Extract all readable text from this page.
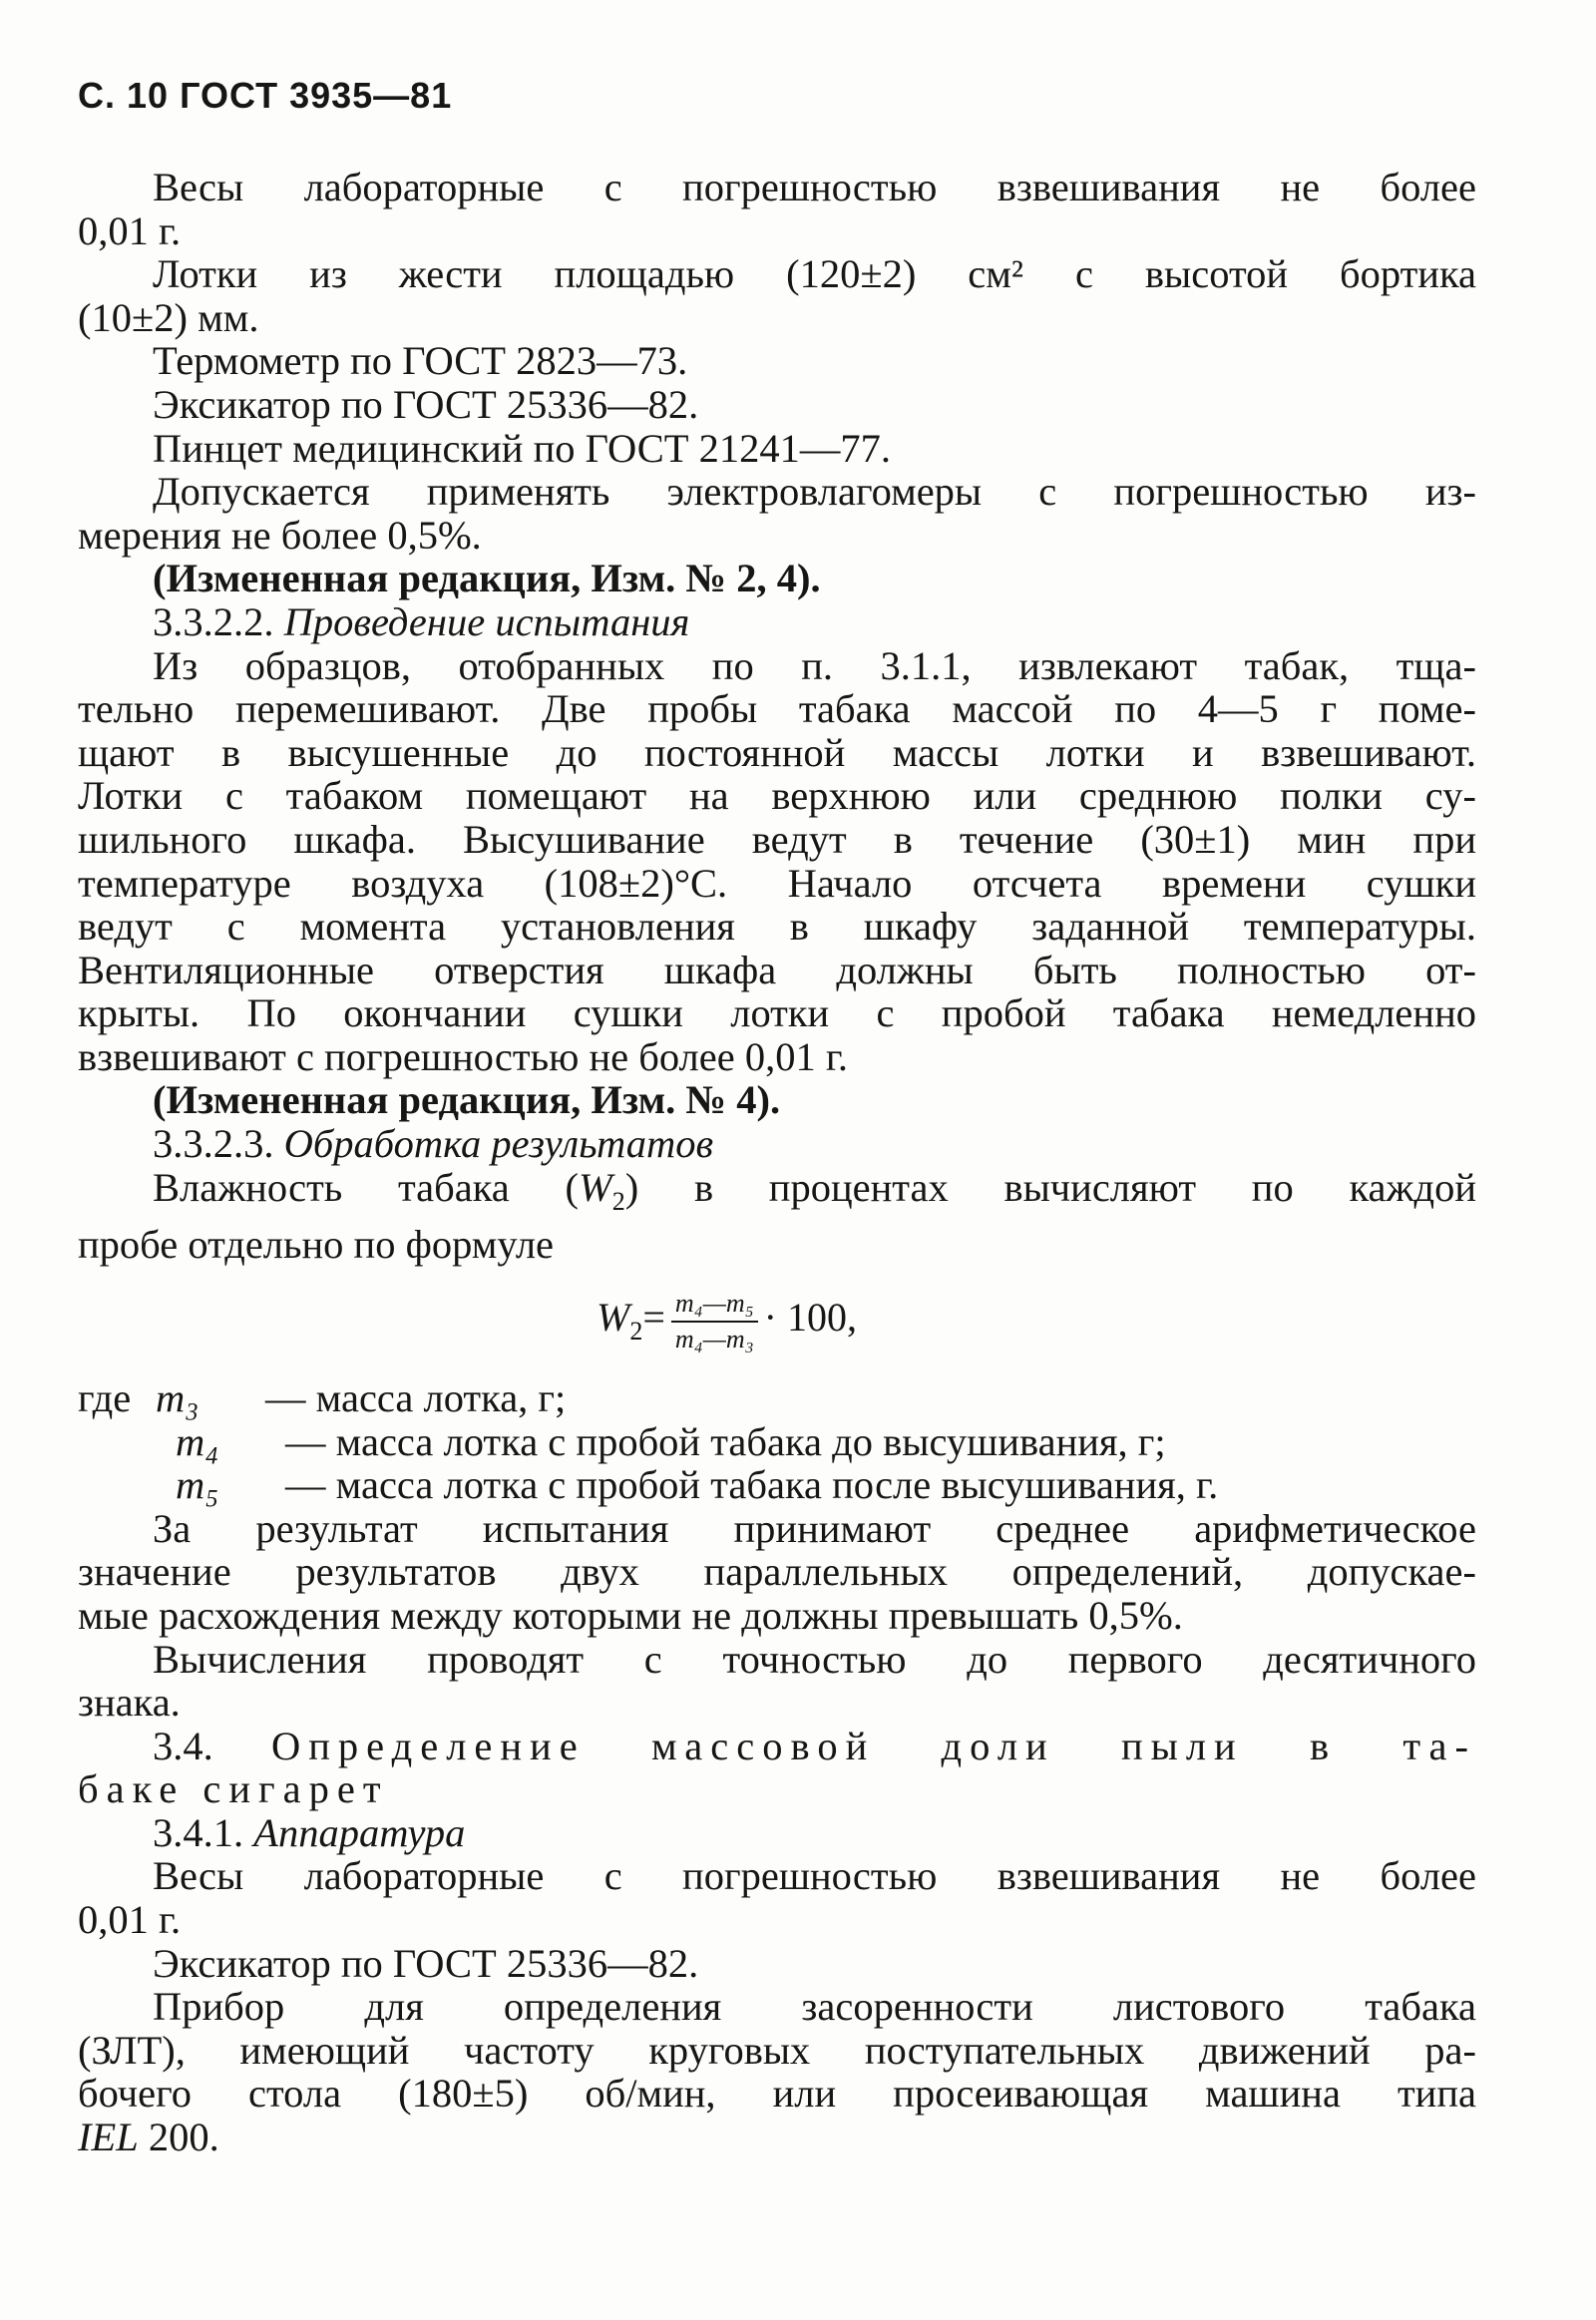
С. 10 ГОСТ 3935—81
Весы лабораторные с погрешностью взвешивания не более
0,01 г.
Лотки из жести площадью (120±2) см² с высотой бортика
(10±2) мм.
Термометр по ГОСТ 2823—73.
Эксикатор по ГОСТ 25336—82.
Пинцет медицинский по ГОСТ 21241—77.
Допускается применять электровлагомеры с погрешностью из-
мерения не более 0,5%.
(Измененная редакция, Изм. № 2, 4).
3.3.2.2. Проведение испытания
Из образцов, отобранных по п. 3.1.1, извлекают табак, тща-
тельно перемешивают. Две пробы табака массой по 4—5 г поме-
щают в высушенные до постоянной массы лотки и взвешивают.
Лотки с табаком помещают на верхнюю или среднюю полки су-
шильного шкафа. Высушивание ведут в течение (30±1) мин при
температуре воздуха (108±2)°С. Начало отсчета времени сушки
ведут с момента установления в шкафу заданной температуры.
Вентиляционные отверстия шкафа должны быть полностью от-
крыты. По окончании сушки лотки с пробой табака немедленно
взвешивают с погрешностью не более 0,01 г.
(Измененная редакция, Изм. № 4).
3.3.2.3. Обработка результатов
Влажность табака $(W_2)$ в процентах вычисляют по каждой
пробе отдельно по формуле
$W_2= \frac{\text{m₄—m₅}}{\text{m₄—m₃}} \cdot 100$,
где m₃ — масса лотка, г;
m₄ — масса лотка с пробой табака до высушивания, г;
m₅ — масса лотка с пробой табака после высушивания, г.
За результат испытания принимают среднее арифметическое
значение результатов двух параллельных определений, допускае-
мые расхождения между которыми не должны превышать 0,5%.
Вычисления проводят с точностью до первого десятичного
знака.
3.4. Определение массовой доли пыли в та-
баке сигарет
3.4.1. Аппаратура
Весы лабораторные с погрешностью взвешивания не более
0,01 г.
Эксикатор по ГОСТ 25336—82.
Прибор для определения засоренности листового табака
(ЗЛТ), имеющий частоту круговых поступательных движений ра-
бочего стола (180±5) об/мин, или просеивающая машина типа
IEL 200.
